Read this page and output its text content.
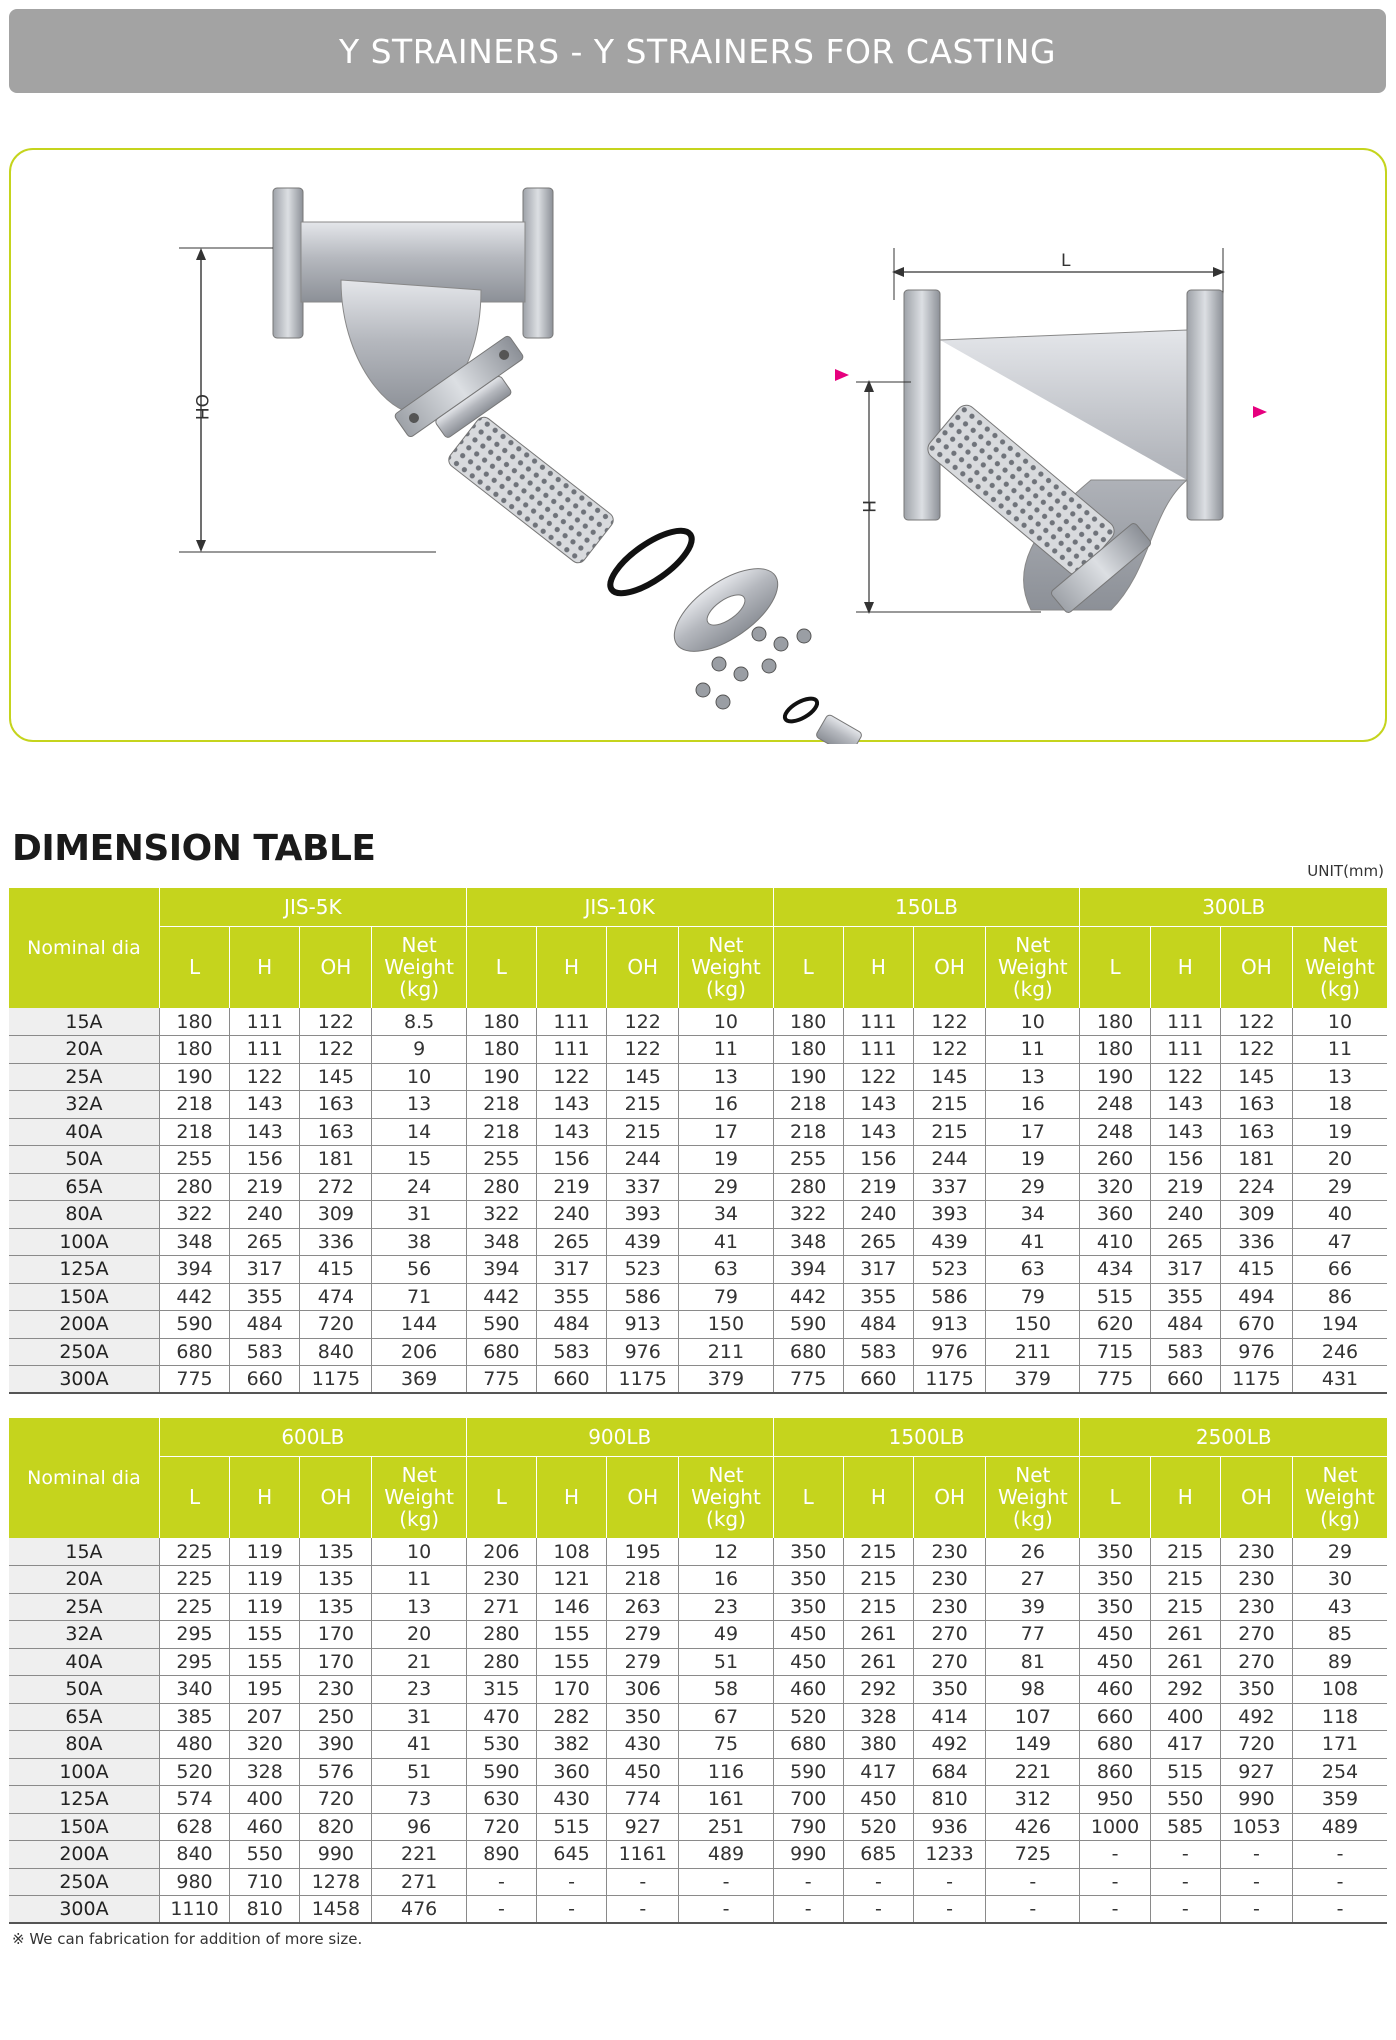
Y STRAINERS - Y STRAINERS FOR CASTING
OH
L
H
DIMENSION TABLE
UNIT(mm)
Nominal dia	JIS-5K				JIS-10K				150LB				300LB			
	L	H	OH	Net Weight (kg)	L	H	OH	Net Weight (kg)	L	H	OH	Net Weight (kg)	L	H	OH	Net Weight (kg)
15A	180	111	122	8.5	180	111	122	10	180	111	122	10	180	111	122	10
20A	180	111	122	9	180	111	122	11	180	111	122	11	180	111	122	11
25A	190	122	145	10	190	122	145	13	190	122	145	13	190	122	145	13
32A	218	143	163	13	218	143	215	16	218	143	215	16	248	143	163	18
40A	218	143	163	14	218	143	215	17	218	143	215	17	248	143	163	19
50A	255	156	181	15	255	156	244	19	255	156	244	19	260	156	181	20
65A	280	219	272	24	280	219	337	29	280	219	337	29	320	219	224	29
80A	322	240	309	31	322	240	393	34	322	240	393	34	360	240	309	40
100A	348	265	336	38	348	265	439	41	348	265	439	41	410	265	336	47
125A	394	317	415	56	394	317	523	63	394	317	523	63	434	317	415	66
150A	442	355	474	71	442	355	586	79	442	355	586	79	515	355	494	86
200A	590	484	720	144	590	484	913	150	590	484	913	150	620	484	670	194
250A	680	583	840	206	680	583	976	211	680	583	976	211	715	583	976	246
300A	775	660	1175	369	775	660	1175	379	775	660	1175	379	775	660	1175	431
Nominal dia	600LB				900LB				1500LB				2500LB			
	L	H	OH	Net Weight (kg)	L	H	OH	Net Weight (kg)	L	H	OH	Net Weight (kg)	L	H	OH	Net Weight (kg)
15A	225	119	135	10	206	108	195	12	350	215	230	26	350	215	230	29
20A	225	119	135	11	230	121	218	16	350	215	230	27	350	215	230	30
25A	225	119	135	13	271	146	263	23	350	215	230	39	350	215	230	43
32A	295	155	170	20	280	155	279	49	450	261	270	77	450	261	270	85
40A	295	155	170	21	280	155	279	51	450	261	270	81	450	261	270	89
50A	340	195	230	23	315	170	306	58	460	292	350	98	460	292	350	108
65A	385	207	250	31	470	282	350	67	520	328	414	107	660	400	492	118
80A	480	320	390	41	530	382	430	75	680	380	492	149	680	417	720	171
100A	520	328	576	51	590	360	450	116	590	417	684	221	860	515	927	254
125A	574	400	720	73	630	430	774	161	700	450	810	312	950	550	990	359
150A	628	460	820	96	720	515	927	251	790	520	936	426	1000	585	1053	489
200A	840	550	990	221	890	645	1161	489	990	685	1233	725	-	-	-	-
250A	980	710	1278	271	-	-	-	-	-	-	-	-	-	-	-	-
300A	1110	810	1458	476	-	-	-	-	-	-	-	-	-	-	-	-
※ We can fabrication for addition of more size.
